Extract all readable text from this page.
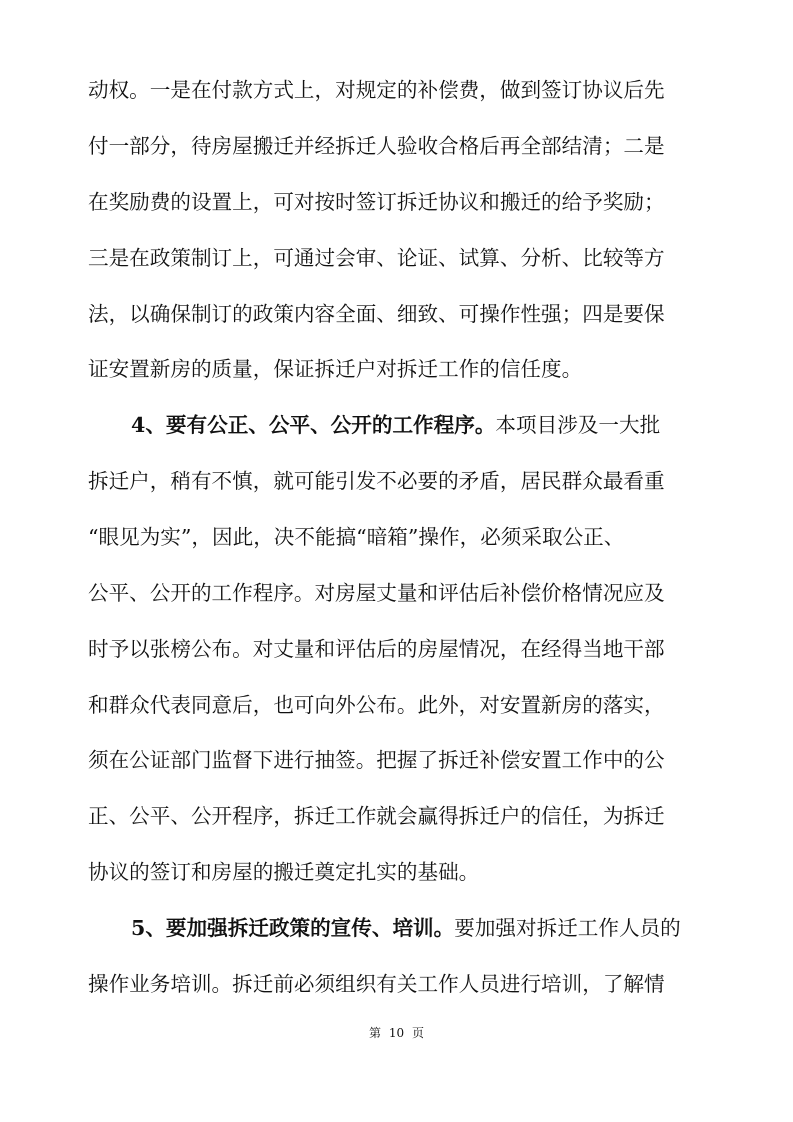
动权。一是在付款方式上，对规定的补偿费，做到签订协议后先
付一部分，待房屋搬迁并经拆迁人验收合格后再全部结清；二是
在奖励费的设置上，可对按时签订拆迁协议和搬迁的给予奖励；
三是在政策制订上，可通过会审、论证、试算、分析、比较等方
法，以确保制订的政策内容全面、细致、可操作性强；四是要保
证安置新房的质量，保证拆迁户对拆迁工作的信任度。
4、要有公正、公平、公开的工作程序。本项目涉及一大批
拆迁户，稍有不慎，就可能引发不必要的矛盾，居民群众最看重
“眼见为实”，因此，决不能搞“暗箱”操作，必须采取公正、
公平、公开的工作程序。对房屋丈量和评估后补偿价格情况应及
时予以张榜公布。对丈量和评估后的房屋情况，在经得当地干部
和群众代表同意后，也可向外公布。此外，对安置新房的落实，
须在公证部门监督下进行抽签。把握了拆迁补偿安置工作中的公
正、公平、公开程序，拆迁工作就会赢得拆迁户的信任，为拆迁
协议的签订和房屋的搬迁奠定扎实的基础。
5、要加强拆迁政策的宣传、培训。要加强对拆迁工作人员的
操作业务培训。拆迁前必须组织有关工作人员进行培训，了解情
第 10 页
